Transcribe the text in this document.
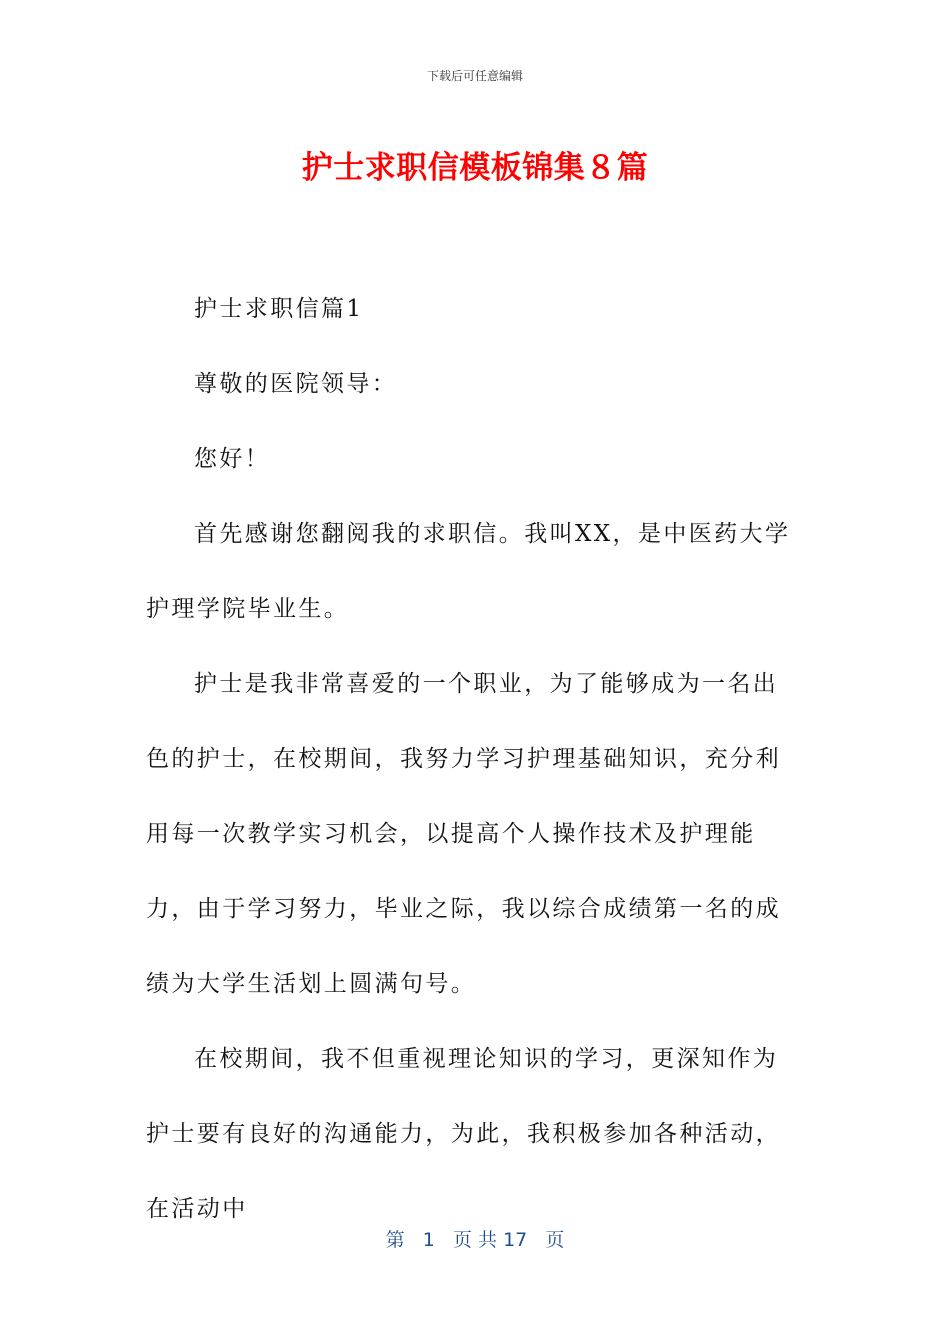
下载后可任意编辑
护士求职信模板锦集８篇

护士求职信篇1

尊敬的医院领导：

您好！

首先感谢您翻阅我的求职信。我叫XX，是中医药大学护理学院毕业生。

护士是我非常喜爱的一个职业，为了能够成为一名出色的护士，在校期间，我努力学习护理基础知识，充分利用每一次教学实习机会，以提高个人操作技术及护理能力，由于学习努力，毕业之际，我以综合成绩第一名的成绩为大学生活划上圆满句号。

在校期间，我不但重视理论知识的学习，更深知作为护士要有良好的沟通能力，为此，我积极参加各种活动，在活动中

第 1 页 共 17 页
